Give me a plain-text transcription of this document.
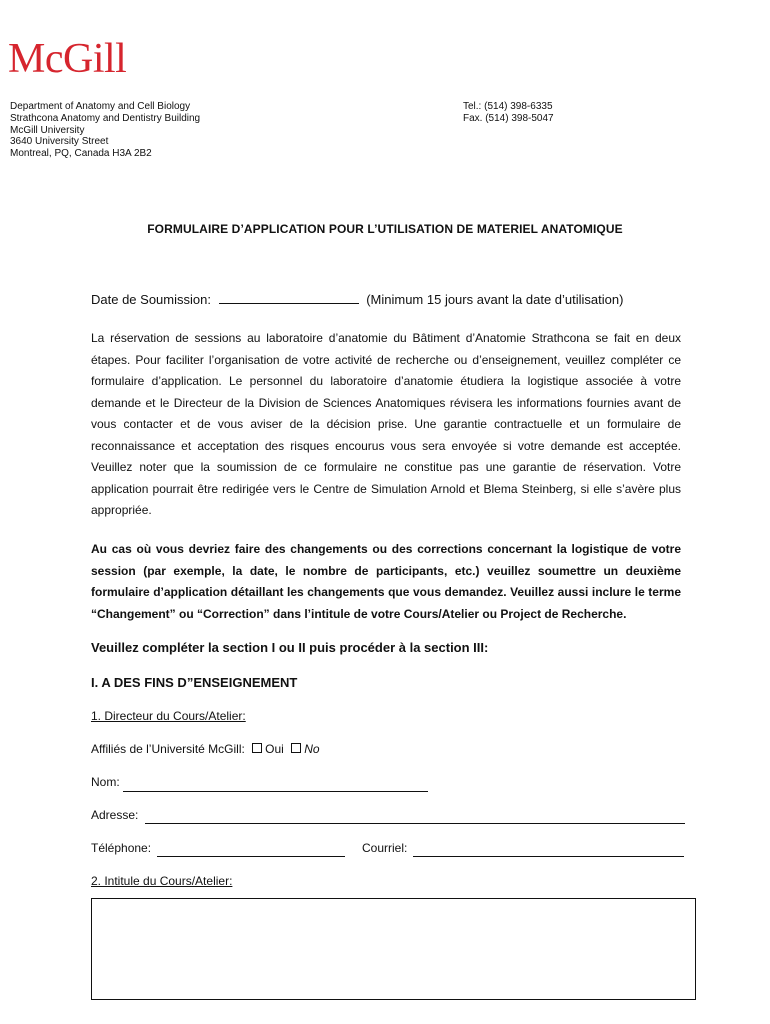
McGill
Department of Anatomy and Cell Biology
Strathcona Anatomy and Dentistry Building
McGill University
3640 University Street
Montreal, PQ, Canada H3A 2B2
Tel.: (514) 398-6335
Fax. (514) 398-5047
FORMULAIRE D’APPLICATION POUR L’UTILISATION DE MATERIEL ANATOMIQUE
Date de Soumission:	(Minimum 15 jours avant la date d’utilisation)

La réservation de sessions au laboratoire d’anatomie du Bâtiment d’Anatomie Strathcona se fait en deux étapes. Pour faciliter l’organisation de votre activité de recherche ou d’enseignement, veuillez compléter ce formulaire d’application. Le personnel du laboratoire d’anatomie étudiera la logistique associée à votre demande et le Directeur de la Division de Sciences Anatomiques révisera les informations fournies avant de vous contacter et de vous aviser de la décision prise. Une garantie contractuelle et un formulaire de reconnaissance et acceptation des risques encourus vous sera envoyée si votre demande est acceptée. Veuillez noter que la soumission de ce formulaire ne constitue pas une garantie de réservation. Votre application pourrait être redirigée vers le Centre de Simulation Arnold et Blema Steinberg, si elle s’avère plus appropriée.

Au cas où vous devriez faire des changements ou des corrections concernant la logistique de votre session (par exemple, la date, le nombre de participants, etc.) veuillez soumettre un deuxième formulaire d’application détaillant les changements que vous demandez. Veuillez aussi inclure le terme “Changement” ou “Correction” dans l’intitule de votre Cours/Atelier ou Project de Recherche.

Veuillez compléter la section I ou II puis procéder à la section III:
I. A DES FINS D”ENSEIGNEMENT
1. Directeur du Cours/Atelier:
Affiliés de l’Université McGill: Oui No
Nom:
Adresse:
Téléphone:	Courriel:
2. Intitule du Cours/Atelier:
